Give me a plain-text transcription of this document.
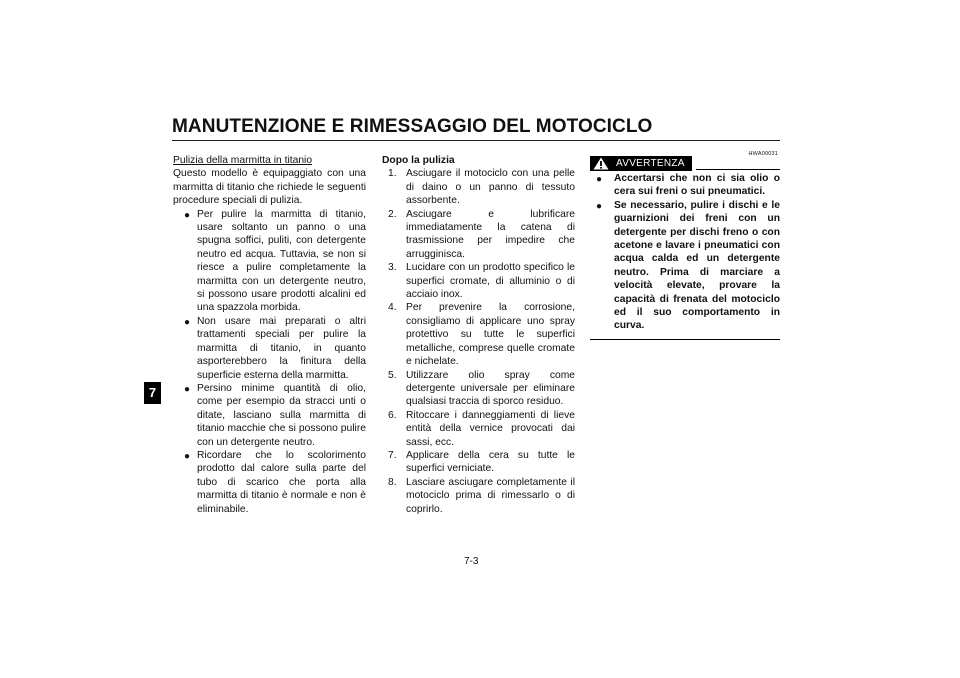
MANUTENZIONE E RIMESSAGGIO DEL MOTOCICLO
7
Pulizia della marmitta in titanio

Questo modello è equipaggiato con una marmitta di titanio che richiede le seguenti procedure speciali di pulizia.

● Per pulire la marmitta di titanio, usare soltanto un panno o una spugna soffici, puliti, con detergente neutro ed acqua. Tuttavia, se non si riesce a pulire completamente la marmitta con un detergente neutro, si possono usare prodotti alcalini ed una spazzola morbida.
● Non usare mai preparati o altri trattamenti speciali per pulire la marmitta di titanio, in quanto asporterebbero la finitura della superficie esterna della marmitta.
● Persino minime quantità di olio, come per esempio da stracci unti o ditate, lasciano sulla marmitta di titanio macchie che si possono pulire con un detergente neutro.
● Ricordare che lo scolorimento prodotto dal calore sulla parte del tubo di scarico che porta alla marmitta di titanio è normale e non è eliminabile.
Dopo la pulizia
1. Asciugare il motociclo con una pelle di daino o un panno di tessuto assorbente.
2. Asciugare e lubrificare immediatamente la catena di trasmissione per impedire che arrugginisca.
3. Lucidare con un prodotto specifico le superfici cromate, di alluminio o di acciaio inox.
4. Per prevenire la corrosione, consigliamo di applicare uno spray protettivo su tutte le superfici metalliche, comprese quelle cromate e nichelate.
5. Utilizzare olio spray come detergente universale per eliminare qualsiasi traccia di sporco residuo.
6. Ritoccare i danneggiamenti di lieve entità della vernice provocati dai sassi, ecc.
7. Applicare della cera su tutte le superfici verniciate.
8. Lasciare asciugare completamente il motociclo prima di rimessarlo o di coprirlo.
HWA00031
AVVERTENZA
● Accertarsi che non ci sia olio o cera sui freni o sui pneumatici.
● Se necessario, pulire i dischi e le guarnizioni dei freni con un detergente per dischi freno o con acetone e lavare i pneumatici con acqua calda ed un detergente neutro. Prima di marciare a velocità elevate, provare la capacità di frenata del motociclo ed il suo comportamento in curva.
7-3
